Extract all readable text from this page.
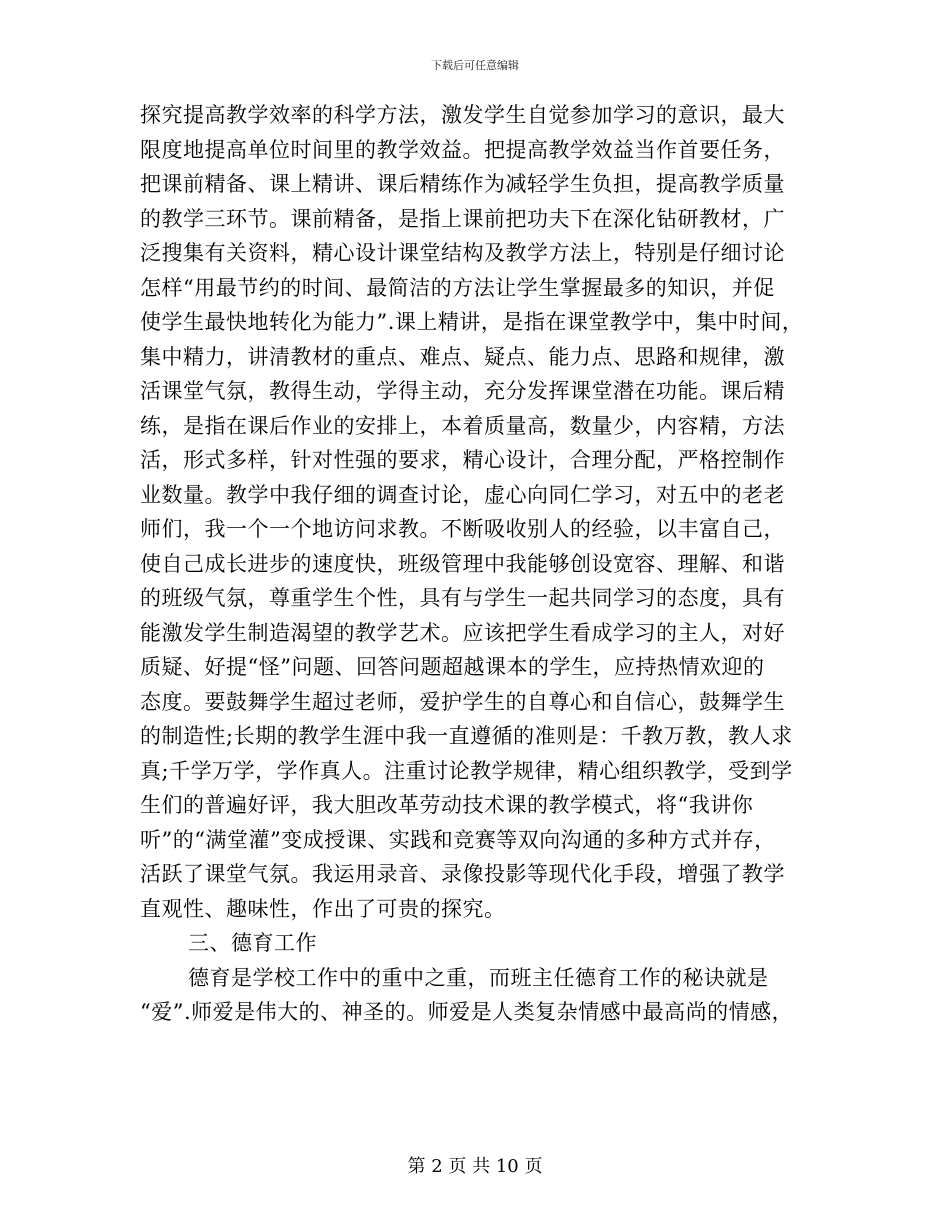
下载后可任意编辑
探究提高教学效率的科学方法，激发学生自觉参加学习的意识，最大
限度地提高单位时间里的教学效益。把提高教学效益当作首要任务，
把课前精备、课上精讲、课后精练作为减轻学生负担，提高教学质量
的教学三环节。课前精备，是指上课前把功夫下在深化钻研教材，广
泛搜集有关资料，精心设计课堂结构及教学方法上，特别是仔细讨论
怎样“用最节约的时间、最简洁的方法让学生掌握最多的知识，并促
使学生最快地转化为能力”.课上精讲，是指在课堂教学中，集中时间，
集中精力，讲清教材的重点、难点、疑点、能力点、思路和规律，激
活课堂气氛，教得生动，学得主动，充分发挥课堂潜在功能。课后精
练，是指在课后作业的安排上，本着质量高，数量少，内容精，方法
活，形式多样，针对性强的要求，精心设计，合理分配，严格控制作
业数量。教学中我仔细的调查讨论，虚心向同仁学习，对五中的老老
师们，我一个一个地访问求教。不断吸收别人的经验，以丰富自己，
使自己成长进步的速度快，班级管理中我能够创设宽容、理解、和谐
的班级气氛，尊重学生个性，具有与学生一起共同学习的态度，具有
能激发学生制造渴望的教学艺术。应该把学生看成学习的主人，对好
质疑、好提“怪”问题、回答问题超越课本的学生，应持热情欢迎的
态度。要鼓舞学生超过老师，爱护学生的自尊心和自信心，鼓舞学生
的制造性;长期的教学生涯中我一直遵循的准则是：千教万教，教人求
真;千学万学，学作真人。注重讨论教学规律，精心组织教学，受到学
生们的普遍好评，我大胆改革劳动技术课的教学模式，将“我讲你
听”的“满堂灌”变成授课、实践和竞赛等双向沟通的多种方式并存，
活跃了课堂气氛。我运用录音、录像投影等现代化手段，增强了教学
直观性、趣味性，作出了可贵的探究。
三、德育工作
德育是学校工作中的重中之重，而班主任德育工作的秘诀就是
“爱”.师爱是伟大的、神圣的。师爱是人类复杂情感中最高尚的情感，
第 2 页 共 10 页
